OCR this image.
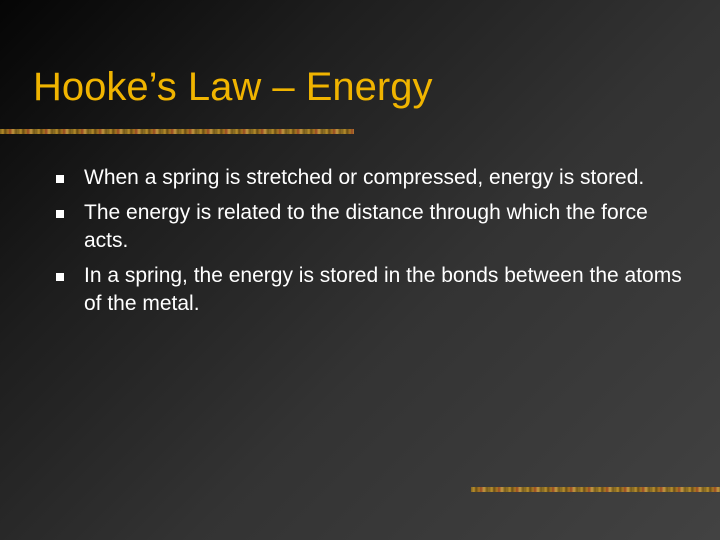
Hooke’s Law – Energy
When a spring is stretched or compressed, energy is stored.
The energy is related to the distance through which the force acts.
In a spring, the energy is stored in the bonds between the atoms of the metal.
